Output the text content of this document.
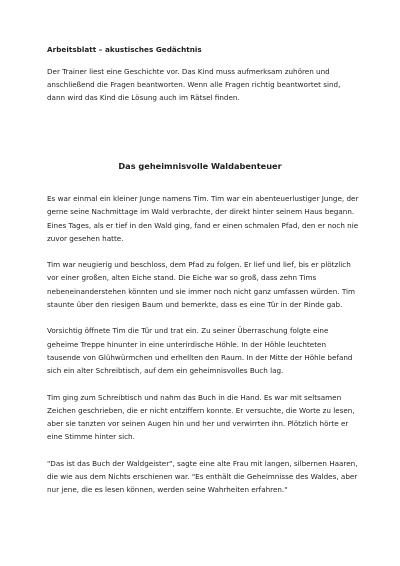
Arbeitsblatt – akustisches Gedächtnis

Der Trainer liest eine Geschichte vor. Das Kind muss aufmerksam zuhören und anschließend die Fragen beantworten. Wenn alle Fragen richtig beantwortet sind, dann wird das Kind die Lösung auch im Rätsel finden.

Das geheimnisvolle Waldabenteuer

Es war einmal ein kleiner Junge namens Tim. Tim war ein abenteuerlustiger Junge, der gerne seine Nachmittage im Wald verbrachte, der direkt hinter seinem Haus begann. Eines Tages, als er tief in den Wald ging, fand er einen schmalen Pfad, den er noch nie zuvor gesehen hatte.

Tim war neugierig und beschloss, dem Pfad zu folgen. Er lief und lief, bis er plötzlich vor einer großen, alten Eiche stand. Die Eiche war so groß, dass zehn Tims nebeneinanderstehen könnten und sie immer noch nicht ganz umfassen würden. Tim staunte über den riesigen Baum und bemerkte, dass es eine Tür in der Rinde gab.

Vorsichtig öffnete Tim die Tür und trat ein. Zu seiner Überraschung folgte eine geheime Treppe hinunter in eine unterirdische Höhle. In der Höhle leuchteten tausende von Glühwürmchen und erhellten den Raum. In der Mitte der Höhle befand sich ein alter Schreibtisch, auf dem ein geheimnisvolles Buch lag.

Tim ging zum Schreibtisch und nahm das Buch in die Hand. Es war mit seltsamen Zeichen geschrieben, die er nicht entziffern konnte. Er versuchte, die Worte zu lesen, aber sie tanzten vor seinen Augen hin und her und verwirrten ihn. Plötzlich hörte er eine Stimme hinter sich.

"Das ist das Buch der Waldgeister", sagte eine alte Frau mit langen, silbernen Haaren, die wie aus dem Nichts erschienen war. "Es enthält die Geheimnisse des Waldes, aber nur jene, die es lesen können, werden seine Wahrheiten erfahren."
